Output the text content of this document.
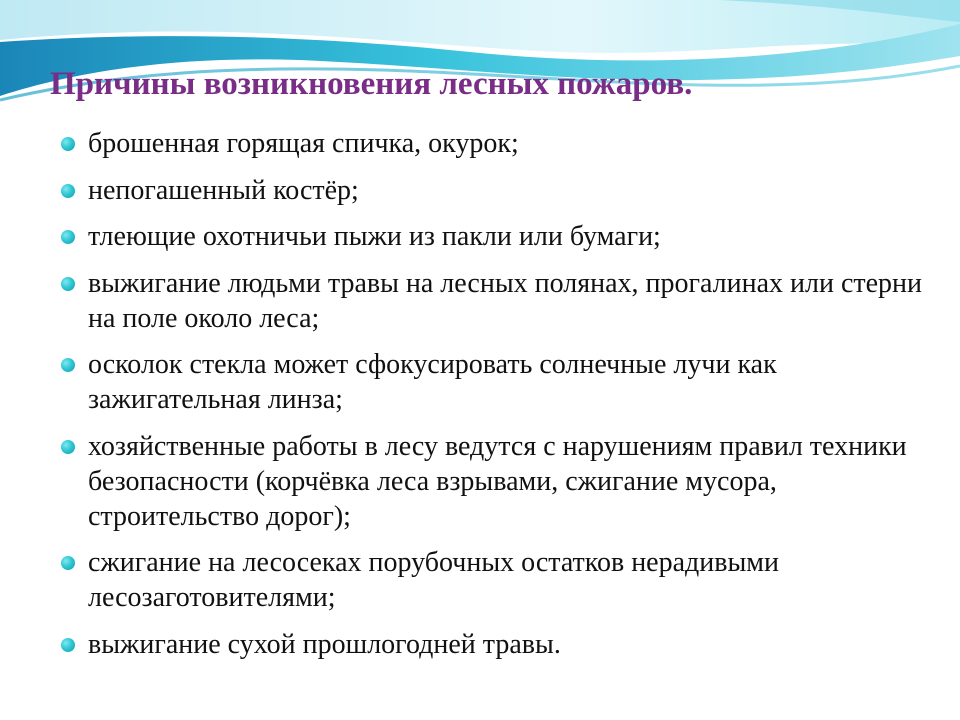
Причины возникновения лесных пожаров.
брошенная горящая спичка, окурок;
непогашенный костёр;
тлеющие охотничьи пыжи из пакли или бумаги;
выжигание людьми травы на лесных полянах, прогалинах или стерни на поле около леса;
осколок стекла может сфокусировать солнечные лучи как зажигательная линза;
хозяйственные работы в лесу ведутся с нарушениям правил техники безопасности (корчёвка леса взрывами, сжигание мусора, строительство дорог);
сжигание на лесосеках порубочных остатков нерадивыми лесозаготовителями;
выжигание сухой прошлогодней травы.
